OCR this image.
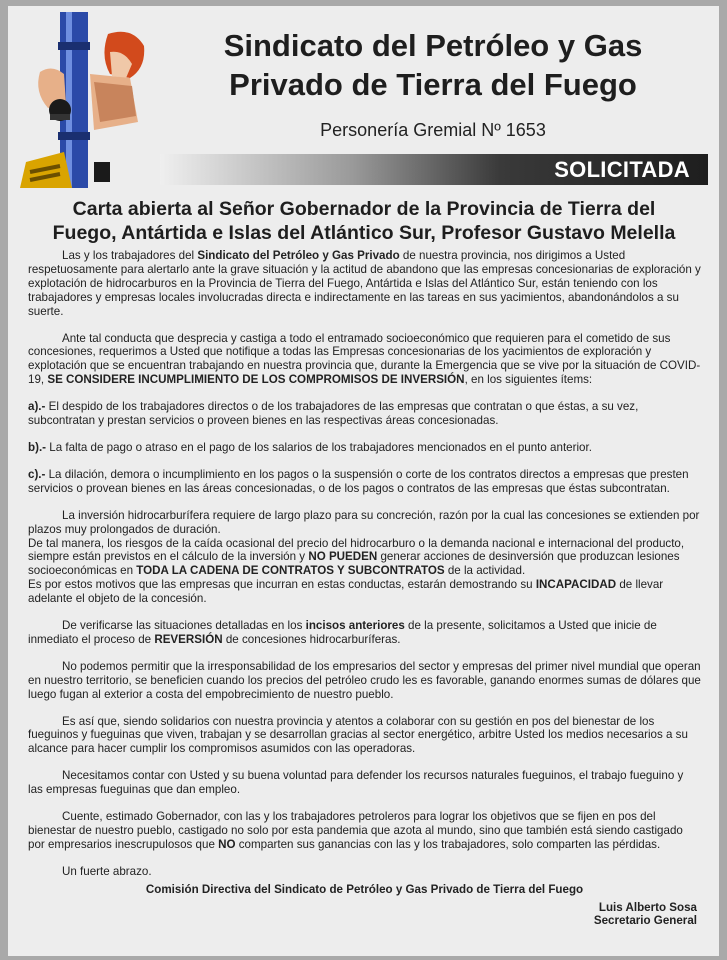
Sindicato del Petróleo y Gas
Privado de Tierra del Fuego
Personería Gremial Nº 1653
SOLICITADA
Carta abierta al Señor Gobernador de la Provincia de Tierra del
Fuego, Antártida e Islas del Atlántico Sur, Profesor Gustavo Melella

Las y los trabajadores del Sindicato del Petróleo y Gas Privado de nuestra provincia, nos dirigimos a Usted respetuosamente para alertarlo ante la grave situación y la actitud de abandono que las empresas concesionarias de exploración y explotación de hidrocarburos en la Provincia de Tierra del Fuego, Antártida e Islas del Atlántico Sur, están teniendo con los trabajadores y empresas locales involucradas directa e indirectamente en las tareas en sus yacimientos, abandonándolos a su suerte.

Ante tal conducta que desprecia y castiga a todo el entramado socioeconómico que requieren para el cometido de sus concesiones, requerimos a Usted que notifique a todas las Empresas concesionarias de los yacimientos de exploración y explotación que se encuentran trabajando en nuestra provincia que, durante la Emergencia que se vive por la situación de COVID-19, SE CONSIDERE INCUMPLIMIENTO DE LOS COMPROMISOS DE INVERSIÓN, en los siguientes ítems:

a).- El despido de los trabajadores directos o de los trabajadores de las empresas que contratan o que éstas, a su vez, subcontratan y prestan servicios o proveen bienes en las respectivas áreas concesionadas.

b).- La falta de pago o atraso en el pago de los salarios de los trabajadores mencionados en el punto anterior.

c).- La dilación, demora o incumplimiento en los pagos o la suspensión o corte de los contratos directos a empresas que presten servicios o provean bienes en las áreas concesionadas, o de los pagos o contratos de las empresas que éstas subcontratan.

La inversión hidrocarburífera requiere de largo plazo para su concreción, razón por la cual las concesiones se extienden por plazos muy prolongados de duración.
De tal manera, los riesgos de la caída ocasional del precio del hidrocarburo o la demanda nacional e internacional del producto, siempre están previstos en el cálculo de la inversión y NO PUEDEN generar acciones de desinversión que produzcan lesiones socioeconómicas en TODA LA CADENA DE CONTRATOS Y SUBCONTRATOS de la actividad.
Es por estos motivos que las empresas que incurran en estas conductas, estarán demostrando su INCAPACIDAD de llevar adelante el objeto de la concesión.

De verificarse las situaciones detalladas en los incisos anteriores de la presente, solicitamos a Usted que inicie de inmediato el proceso de REVERSIÓN de concesiones hidrocarburíferas.

No podemos permitir que la irresponsabilidad de los empresarios del sector y empresas del primer nivel mundial que operan en nuestro territorio, se beneficien cuando los precios del petróleo crudo les es favorable, ganando enormes sumas de dólares que luego fugan al exterior a costa del empobrecimiento de nuestro pueblo.

Es así que, siendo solidarios con nuestra provincia y atentos a colaborar con su gestión en pos del bienestar de los fueguinos y fueguinas que viven, trabajan y se desarrollan gracias al sector energético, arbitre Usted los medios necesarios a su alcance para hacer cumplir los compromisos asumidos con las operadoras.

Necesitamos contar con Usted y su buena voluntad para defender los recursos naturales fueguinos, el trabajo fueguino y las empresas fueguinas que dan empleo.

Cuente, estimado Gobernador, con las y los trabajadores petroleros para lograr los objetivos que se fijen en pos del bienestar de nuestro pueblo, castigado no solo por esta pandemia que azota al mundo, sino que también está siendo castigado por empresarios inescrupulosos que NO comparten sus ganancias con las y los trabajadores, solo comparten las pérdidas.

Un fuerte abrazo.

Comisión Directiva del Sindicato de Petróleo y Gas Privado de Tierra del Fuego

Luis Alberto Sosa

Secretario General
